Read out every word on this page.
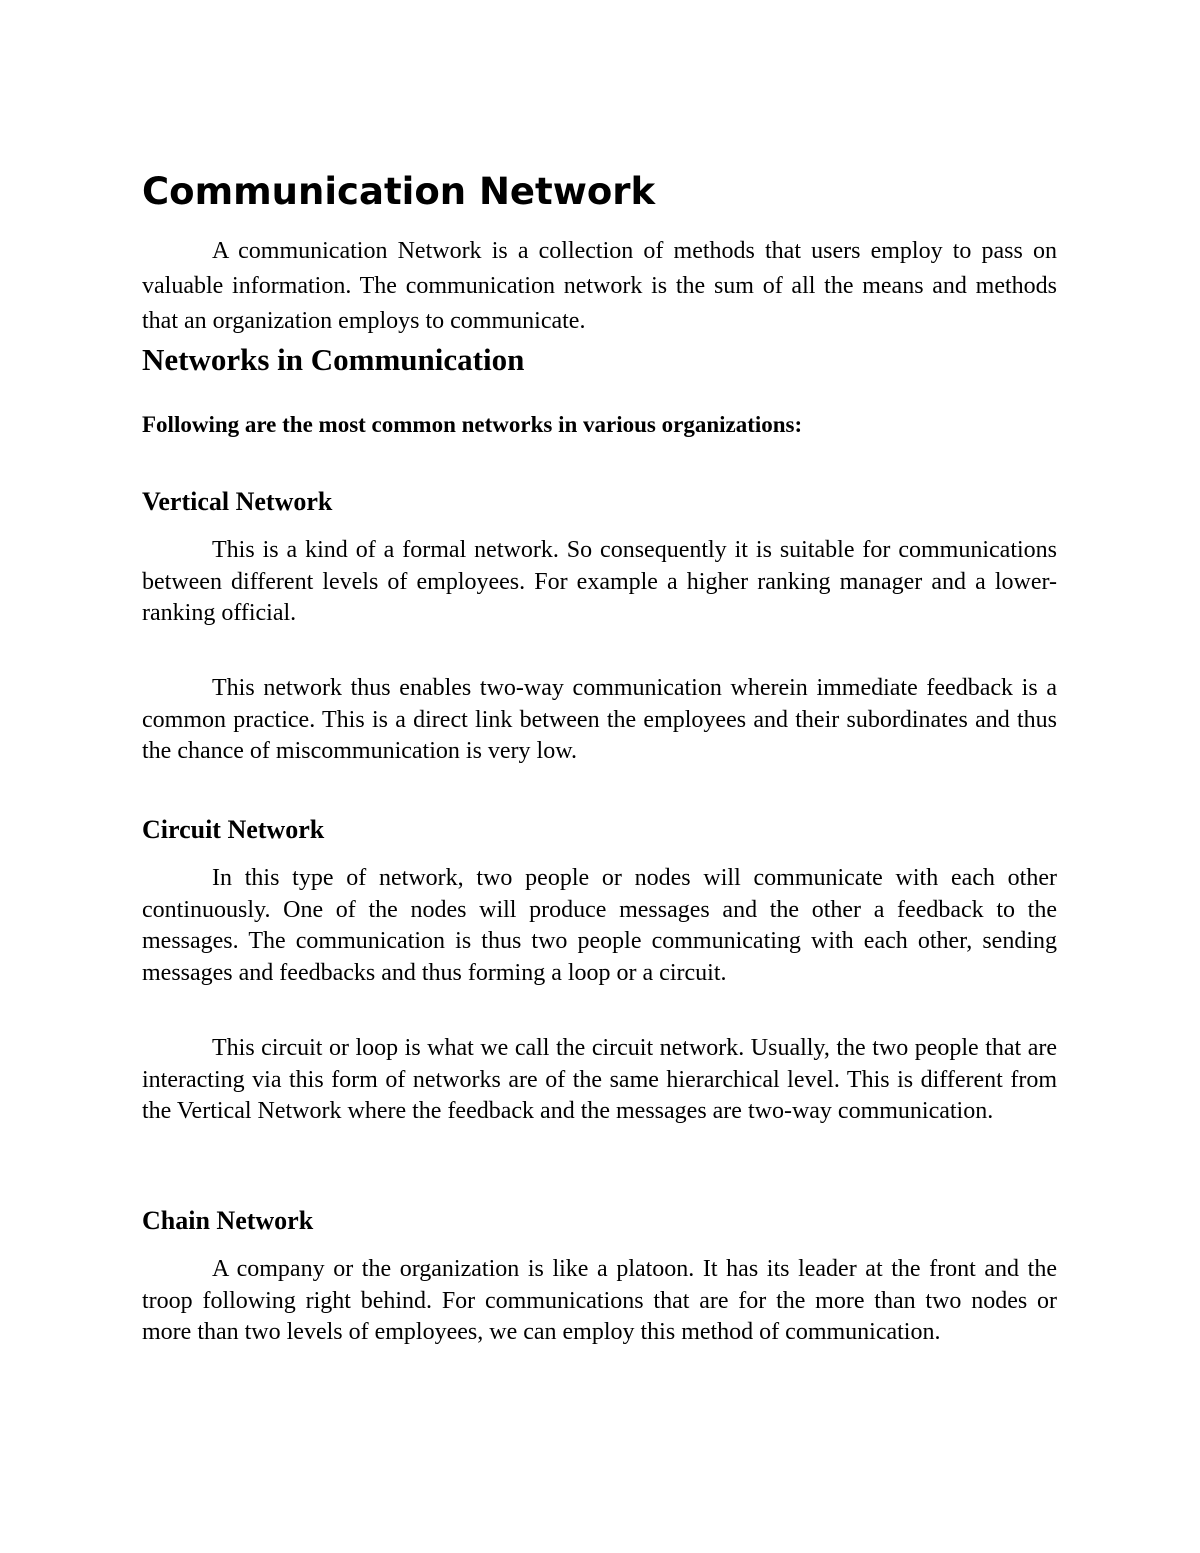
Communication Network

A communication Network is a collection of methods that users employ to pass on valuable information. The communication network is the sum of all the means and methods that an organization employs to communicate.

Networks in Communication

Following are the most common networks in various organizations:

Vertical Network

This is a kind of a formal network. So consequently it is suitable for communications between different levels of employees. For example a higher ranking manager and a lower-ranking official.

This network thus enables two-way communication wherein immediate feedback is a common practice. This is a direct link between the employees and their subordinates and thus the chance of miscommunication is very low.

Circuit Network

In this type of network, two people or nodes will communicate with each other continuously. One of the nodes will produce messages and the other a feedback to the messages. The communication is thus two people communicating with each other, sending messages and feedbacks and thus forming a loop or a circuit.

This circuit or loop is what we call the circuit network. Usually, the two people that are interacting via this form of networks are of the same hierarchical level. This is different from the Vertical Network where the feedback and the messages are two-way communication.

Chain Network

A company or the organization is like a platoon. It has its leader at the front and the troop following right behind. For communications that are for the more than two nodes or more than two levels of employees, we can employ this method of communication.
